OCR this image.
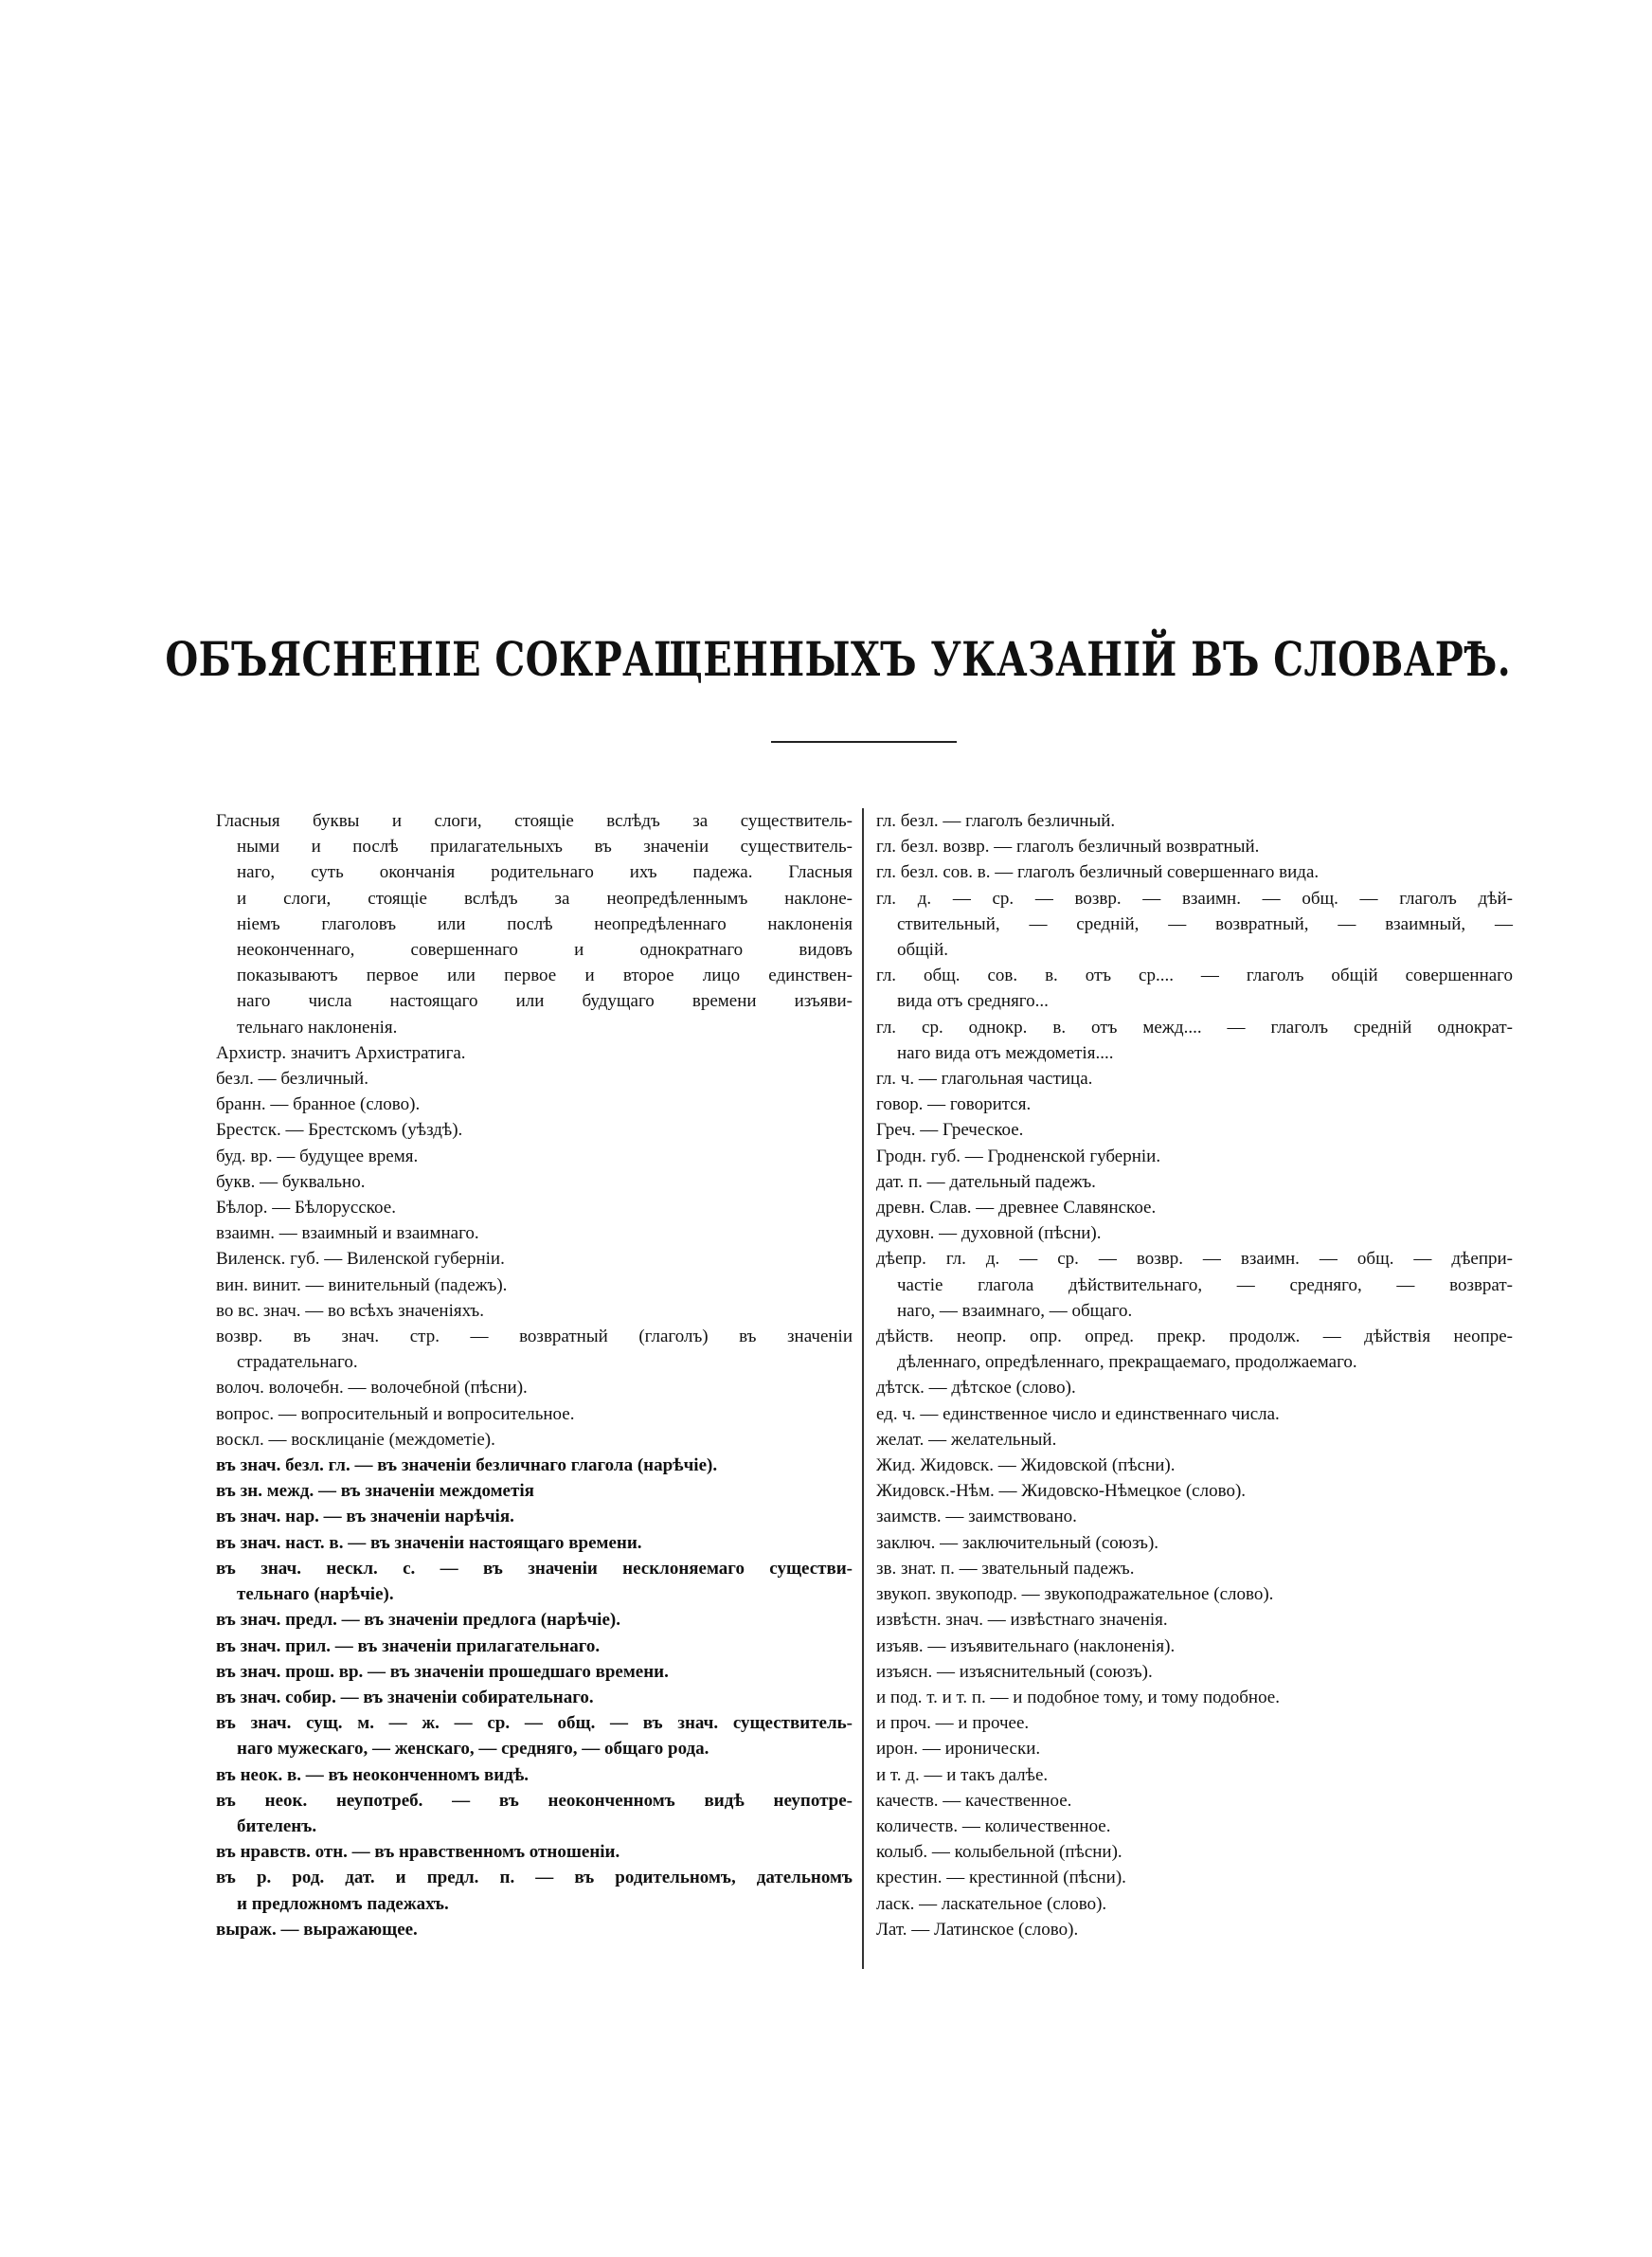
ОБЪЯСНЕНІЕ СОКРАЩЕННЫХЪ УКАЗАНІЙ ВЪ СЛОВАРѢ.
Гласныя буквы и слоги, стоящіе вслѣдъ за существитель-
ными и послѣ прилагательныхъ въ значеніи существитель-
наго, суть окончанія родительнаго ихъ падежа. Гласныя
и слоги, стоящіе вслѣдъ за неопредѣленнымъ наклоне-
ніемъ глаголовъ или послѣ неопредѣленнаго наклоненія
неоконченнаго, совершеннаго и однократнаго видовъ
показываютъ первое или первое и второе лицо единствен-
наго числа настоящаго или будущаго времени изъяви-
тельнаго наклоненія.
Архистр. значитъ Архистратига.
безл. — безличный.
бранн. — бранное (слово).
Брестск. — Брестскомъ (уѣздѣ).
буд. вр. — будущее время.
букв. — буквально.
Бѣлор. — Бѣлорусское.
взаимн. — взаимный и взаимнаго.
Виленск. губ. — Виленской губерніи.
вин. винит. — винительный (падежъ).
во вс. знач. — во всѣхъ значеніяхъ.
возвр. въ знач. стр. — возвратный (глаголъ) въ значеніи
страдательнаго.
волоч. волочебн. — волочебной (пѣсни).
вопрос. — вопросительный и вопросительное.
воскл. — восклицаніе (междометіе).
въ знач. безл. гл. — въ значеніи безличнаго глагола (нарѣчіе).
въ зн. межд. — въ значеніи междометія
въ знач. нар. — въ значеніи нарѣчія.
въ знач. наст. в. — въ значеніи настоящаго времени.
въ знач. нескл. с. — въ значеніи несклоняемаго существи-
тельнаго (нарѣчіе).
въ знач. предл. — въ значеніи предлога (нарѣчіе).
въ знач. прил. — въ значеніи прилагательнаго.
въ знач. прош. вр. — въ значеніи прошедшаго времени.
въ знач. собир. — въ значеніи собирательнаго.
въ знач. сущ. м. — ж. — ср. — общ. — въ знач. существитель-
наго мужескаго, — женскаго, — средняго, — общаго рода.
въ неок. в. — въ неоконченномъ видѣ.
въ неок. неупотреб. — въ неоконченномъ видѣ неупотре-
бителенъ.
въ нравств. отн. — въ нравственномъ отношеніи.
въ р. род. дат. и предл. п. — въ родительномъ, дательномъ
и предложномъ падежахъ.
выраж. — выражающее.
гл. безл. — глаголъ безличный.
гл. безл. возвр. — глаголъ безличный возвратный.
гл. безл. сов. в. — глаголъ безличный совершеннаго вида.
гл. д. — ср. — возвр. — взаимн. — общ. — глаголъ дѣй-
ствительный, — средній, — возвратный, — взаимный, —
общій.
гл. общ. сов. в. отъ ср.... — глаголъ общій совершеннаго
вида отъ средняго...
гл. ср. однокр. в. отъ межд.... — глаголъ средній однократ-
наго вида отъ междометія....
гл. ч. — глагольная частица.
говор. — говорится.
Греч. — Греческое.
Гродн. губ. — Гродненской губерніи.
дат. п. — дательный падежъ.
древн. Слав. — древнее Славянское.
духовн. — духовной (пѣсни).
дѣепр. гл. д. — ср. — возвр. — взаимн. — общ. — дѣепри-
частіе глагола дѣйствительнаго, — средняго, — возврат-
наго, — взаимнаго, — общаго.
дѣйств. неопр. опр. опред. прекр. продолж. — дѣйствія неопре-
дѣленнаго, опредѣленнаго, прекращаемаго, продолжаемаго.
дѣтск. — дѣтское (слово).
ед. ч. — единственное число и единственнаго числа.
желат. — желательный.
Жид. Жидовск. — Жидовской (пѣсни).
Жидовск.-Нѣм. — Жидовско-Нѣмецкое (слово).
заимств. — заимствовано.
заключ. — заключительный (союзъ).
зв. знат. п. — звательный падежъ.
звукоп. звукоподр. — звукоподражательное (слово).
извѣстн. знач. — извѣстнаго значенія.
изъяв. — изъявительнаго (наклоненія).
изъясн. — изъяснительный (союзъ).
и под. т. и т. п. — и подобное тому, и тому подобное.
и проч. — и прочее.
ирон. — иронически.
и т. д. — и такъ далѣе.
качеств. — качественное.
количеств. — количественное.
колыб. — колыбельной (пѣсни).
крестин. — крестинной (пѣсни).
ласк. — ласкательное (слово).
Лат. — Латинское (слово).
